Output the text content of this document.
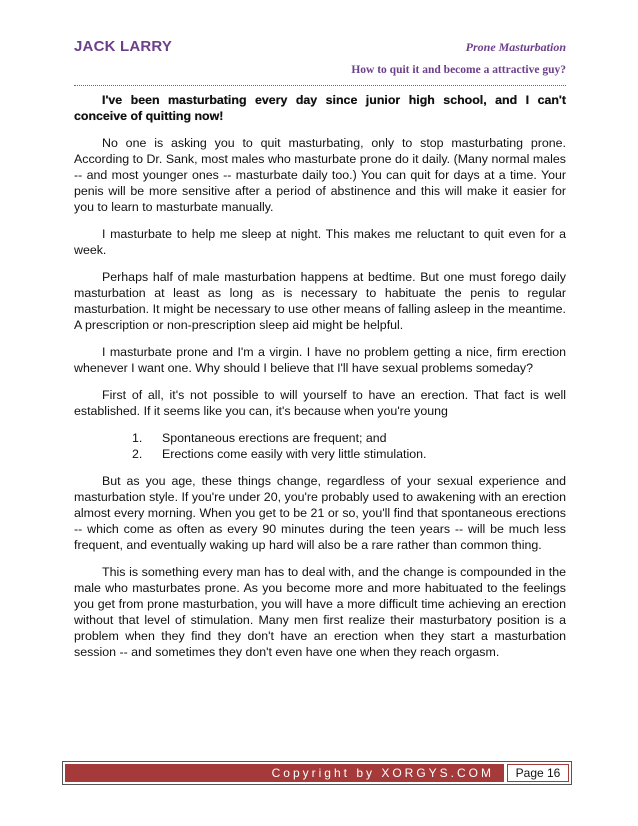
JACK LARRY	Prone Masturbation
How to quit it and become a attractive guy?

I've been masturbating every day since junior high school, and I can't conceive of quitting now!

No one is asking you to quit masturbating, only to stop masturbating prone. According to Dr. Sank, most males who masturbate prone do it daily. (Many normal males -- and most younger ones -- masturbate daily too.) You can quit for days at a time. Your penis will be more sensitive after a period of abstinence and this will make it easier for you to learn to masturbate manually.

I masturbate to help me sleep at night. This makes me reluctant to quit even for a week.

Perhaps half of male masturbation happens at bedtime. But one must forego daily masturbation at least as long as is necessary to habituate the penis to regular masturbation. It might be necessary to use other means of falling asleep in the meantime. A prescription or non-prescription sleep aid might be helpful.

I masturbate prone and I'm a virgin. I have no problem getting a nice, firm erection whenever I want one. Why should I believe that I'll have sexual problems someday?

First of all, it's not possible to will yourself to have an erection. That fact is well established. If it seems like you can, it's because when you're young

1.	Spontaneous erections are frequent; and
2.	Erections come easily with very little stimulation.

But as you age, these things change, regardless of your sexual experience and masturbation style. If you're under 20, you're probably used to awakening with an erection almost every morning. When you get to be 21 or so, you'll find that spontaneous erections -- which come as often as every 90 minutes during the teen years -- will be much less frequent, and eventually waking up hard will also be a rare rather than common thing.

This is something every man has to deal with, and the change is compounded in the male who masturbates prone. As you become more and more habituated to the feelings you get from prone masturbation, you will have a more difficult time achieving an erection without that level of stimulation. Many men first realize their masturbatory position is a problem when they find they don't have an erection when they start a masturbation session -- and sometimes they don't even have one when they reach orgasm.

Copyright by XORGYS.COM	Page 16
